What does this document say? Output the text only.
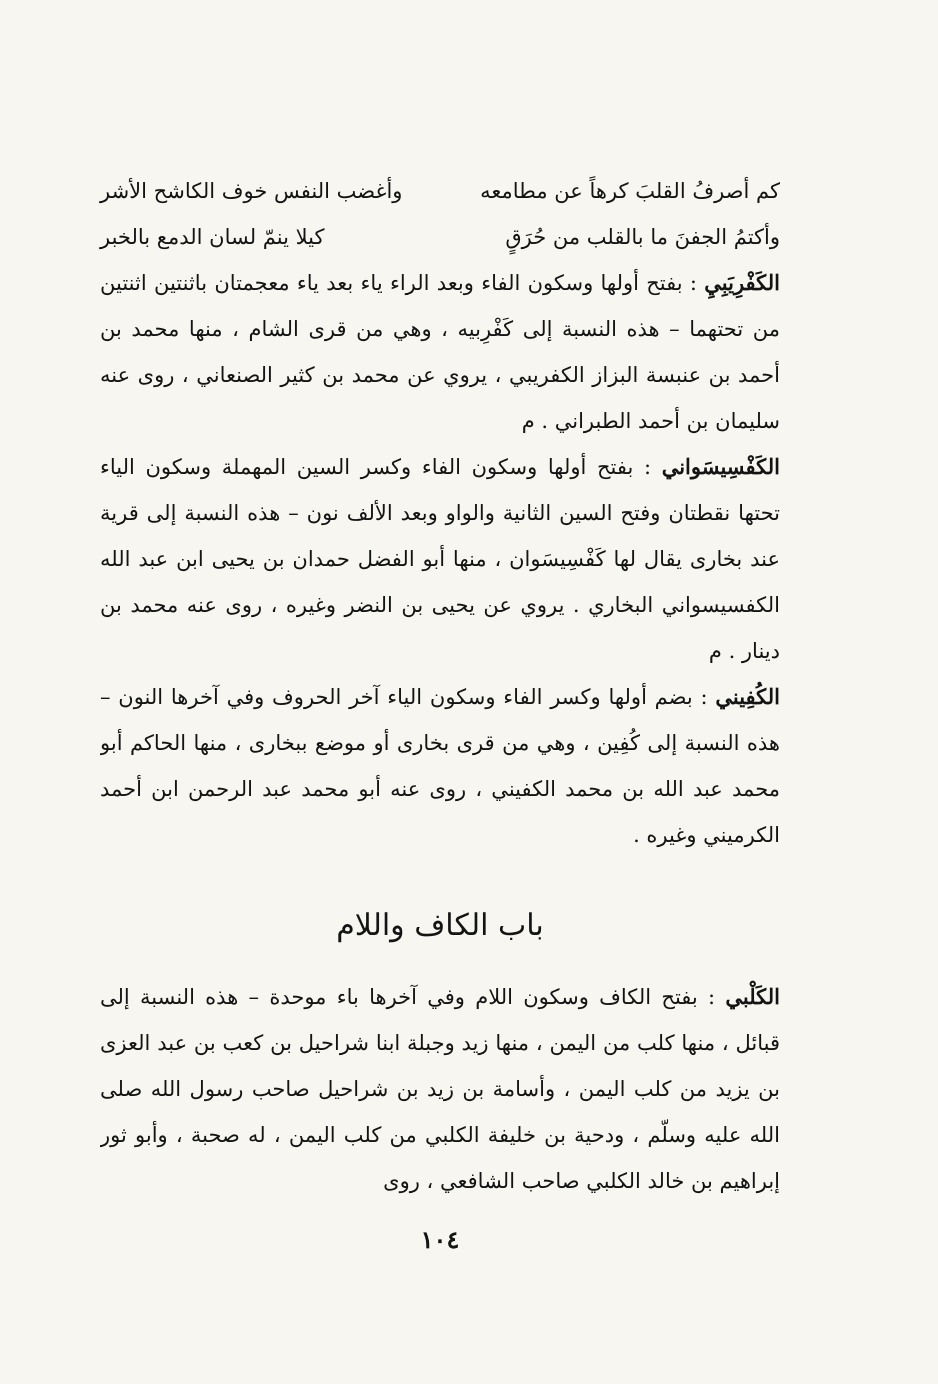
كم أصرفُ القلبَ كرهاً عن مطامعه
وأغضب النفس خوف الكاشح الأشر
وأكتمُ الجفنَ ما بالقلب من حُرَقٍ
كيلا ينمّ لسان الدمع بالخبر

الكَفْرِيَبِيِ : بفتح أولها وسكون الفاء وبعد الراء ياء بعد ياء معجمتان باثنتين اثنتين من تحتهما – هذه النسبة إلى كَفْرِبيه ، وهي من قرى الشام ، منها محمد بن أحمد بن عنبسة البزاز الكفريبي ، يروي عن محمد بن كثير الصنعاني ، روى عنه سليمان بن أحمد الطبراني . م

الكَفْسِيسَواني : بفتح أولها وسكون الفاء وكسر السين المهملة وسكون الياء تحتها نقطتان وفتح السين الثانية والواو وبعد الألف نون – هذه النسبة إلى قرية عند بخارى يقال لها كَفْسِيسَوان ، منها أبو الفضل حمدان بن يحيى ابن عبد الله الكفسيسواني البخاري . يروي عن يحيى بن النضر وغيره ، روى عنه محمد بن دينار . م

الكُفِيني : بضم أولها وكسر الفاء وسكون الياء آخر الحروف وفي آخرها النون – هذه النسبة إلى كُفِين ، وهي من قرى بخارى أو موضع ببخارى ، منها الحاكم أبو محمد عبد الله بن محمد الكفيني ، روى عنه أبو محمد عبد الرحمن ابن أحمد الكرميني وغيره .

باب الكاف واللام

الكَلْبي : بفتح الكاف وسكون اللام وفي آخرها باء موحدة – هذه النسبة إلى قبائل ، منها كلب من اليمن ، منها زيد وجبلة ابنا شراحيل بن كعب بن عبد العزى بن يزيد من كلب اليمن ، وأسامة بن زيد بن شراحيل صاحب رسول الله صلى الله عليه وسلّم ، ودحية بن خليفة الكلبي من كلب اليمن ، له صحبة ، وأبو ثور إبراهيم بن خالد الكلبي صاحب الشافعي ، روى

١٠٤
